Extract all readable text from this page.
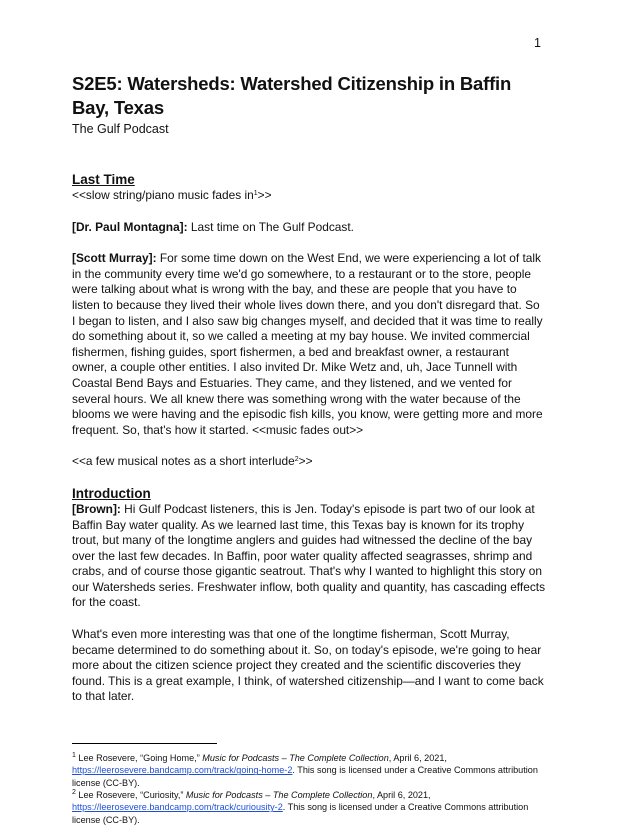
1
S2E5: Watersheds: Watershed Citizenship in Baffin Bay, Texas
The Gulf Podcast
Last Time

<<slow string/piano music fades $in^1>>$

[Dr. Paul Montagna]: Last time on The Gulf Podcast.

[Scott Murray]: For some time down on the West End, we were experiencing a lot of talk in the community every time we'd go somewhere, to a restaurant or to the store, people were talking about what is wrong with the bay, and these are people that you have to listen to because they lived their whole lives down there, and you don't disregard that. So I began to listen, and I also saw big changes myself, and decided that it was time to really do something about it, so we called a meeting at my bay house. We invited commercial fishermen, fishing guides, sport fishermen, a bed and breakfast owner, a restaurant owner, a couple other entities. I also invited Dr. Mike Wetz and, uh, Jace Tunnell with Coastal Bend Bays and Estuaries. They came, and they listened, and we vented for several hours. We all knew there was something wrong with the water because of the blooms we were having and the episodic fish kills, you know, were getting more and more frequent. So, that's how it started. <<music fades out>>

<<a few musical notes as a short interlude$^2$>>

Introduction

[Brown]: Hi Gulf Podcast listeners, this is Jen. Today's episode is part two of our look at Baffin Bay water quality. As we learned last time, this Texas bay is known for its trophy trout, but many of the longtime anglers and guides had witnessed the decline of the bay over the last few decades. In Baffin, poor water quality affected seagrasses, shrimp and crabs, and of course those gigantic seatrout. That's why I wanted to highlight this story on our Watersheds series. Freshwater inflow, both quality and quantity, has cascading effects for the coast.

What's even more interesting was that one of the longtime fisherman, Scott Murray, became determined to do something about it. So, on today's episode, we're going to hear more about the citizen science project they created and the scientific discoveries they found. This is a great example, I think, of watershed citizenship—and I want to come back to that later.

$^1$ Lee Rosevere, “Going Home,” Music for Podcasts – The Complete Collection, April 6, 2021,
https://leerosevere.bandcamp.com/track/going-home-2. This song is licensed under a Creative Commons attribution license (CC-BY).
$^2$ Lee Rosevere, “Curiosity,” Music for Podcasts – The Complete Collection, April 6, 2021,
https://leerosevere.bandcamp.com/track/curiousity-2. This song is licensed under a Creative Commons attribution license (CC-BY).
